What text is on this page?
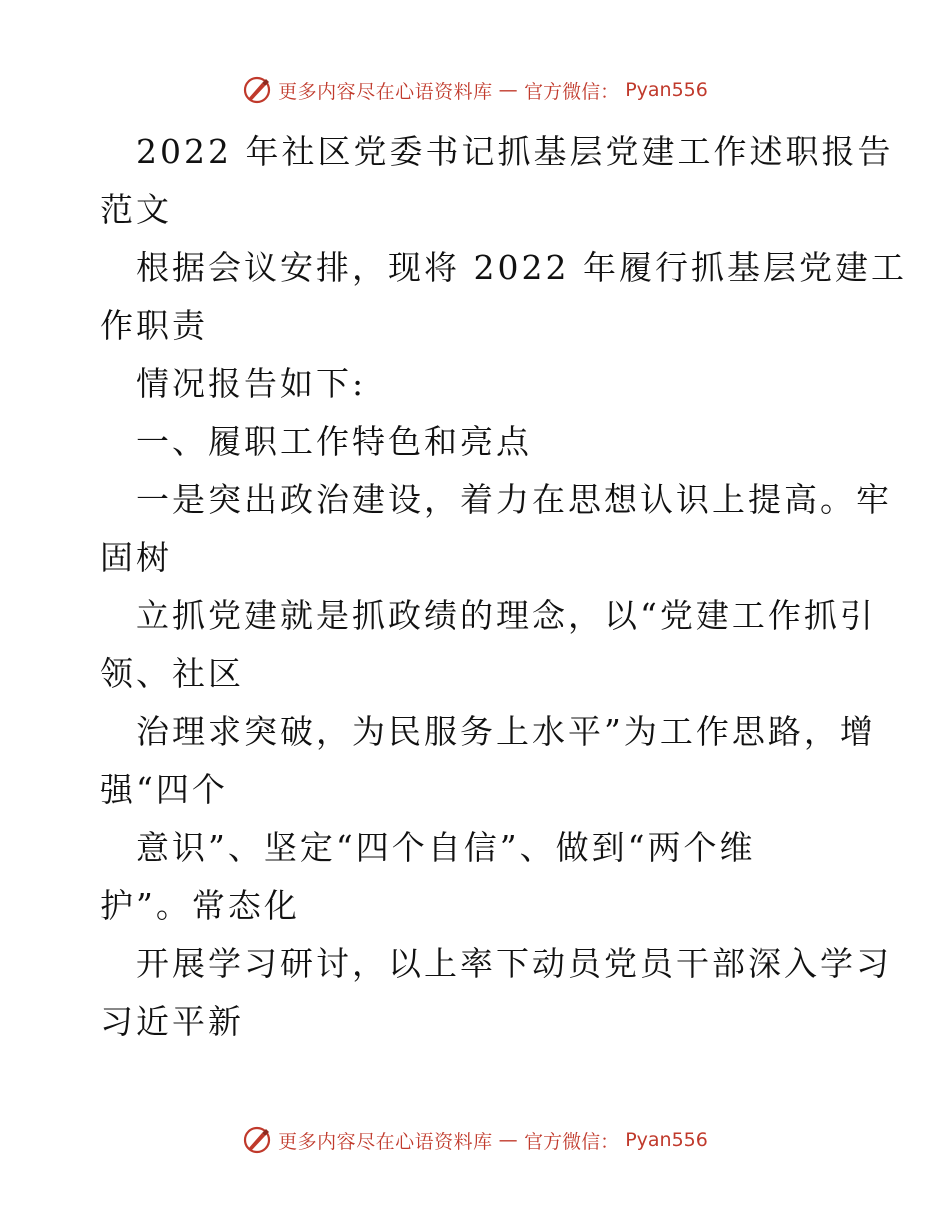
更多内容尽在心语资料库 — 官方微信： Pyan556
2022 年社区党委书记抓基层党建工作述职报告
范文
根据会议安排，现将 2022 年履行抓基层党建工
作职责
情况报告如下:
一、履职工作特色和亮点
一是突出政治建设，着力在思想认识上提高。牢
固树
立抓党建就是抓政绩的理念，以“党建工作抓引
领、社区
治理求突破，为民服务上水平”为工作思路，增
强“四个
意识”、坚定“四个自信”、做到“两个维
护”。常态化
开展学习研讨，以上率下动员党员干部深入学习
习近平新
更多内容尽在心语资料库 — 官方微信： Pyan556
